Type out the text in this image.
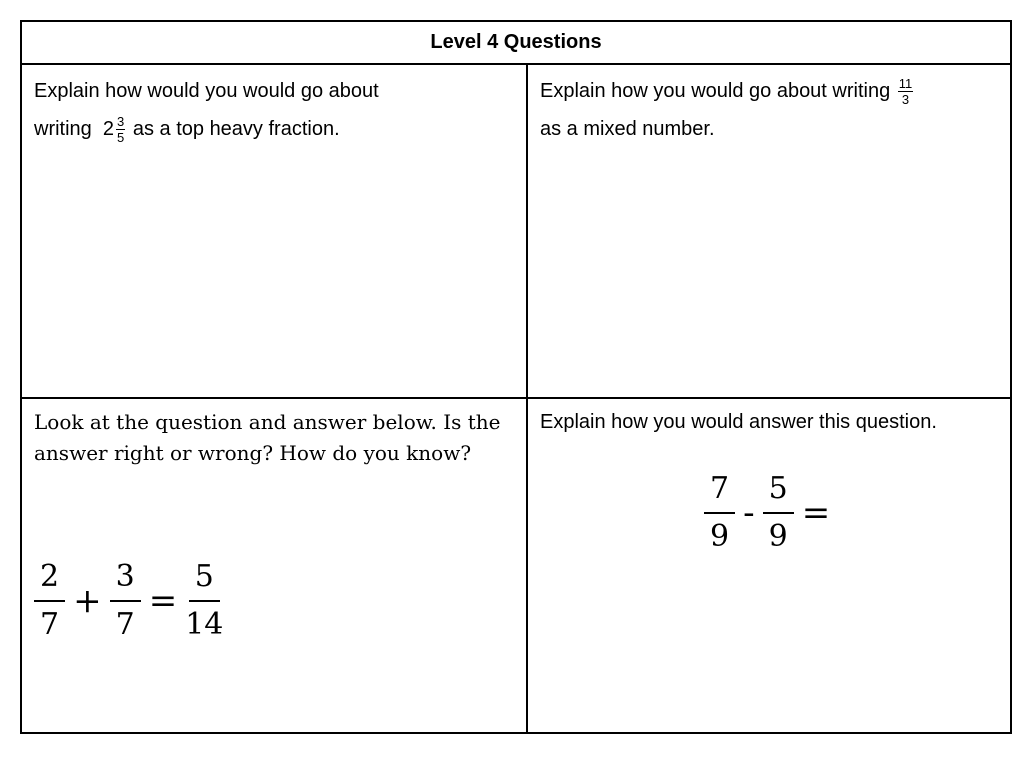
Level 4 Questions
Explain how would you would go about
writing $2 \frac{3}{5}$ as a top heavy fraction.
Explain how you would go about writing $\frac{11}{3}$
as a mixed number.
Look at the question and answer below. Is the answer right or wrong? How do you know?
$\frac{2}{7} + \frac{3}{7} = \frac{5}{14}$
Explain how you would answer this question.
$\frac{7}{9} - \frac{5}{9}$ =
